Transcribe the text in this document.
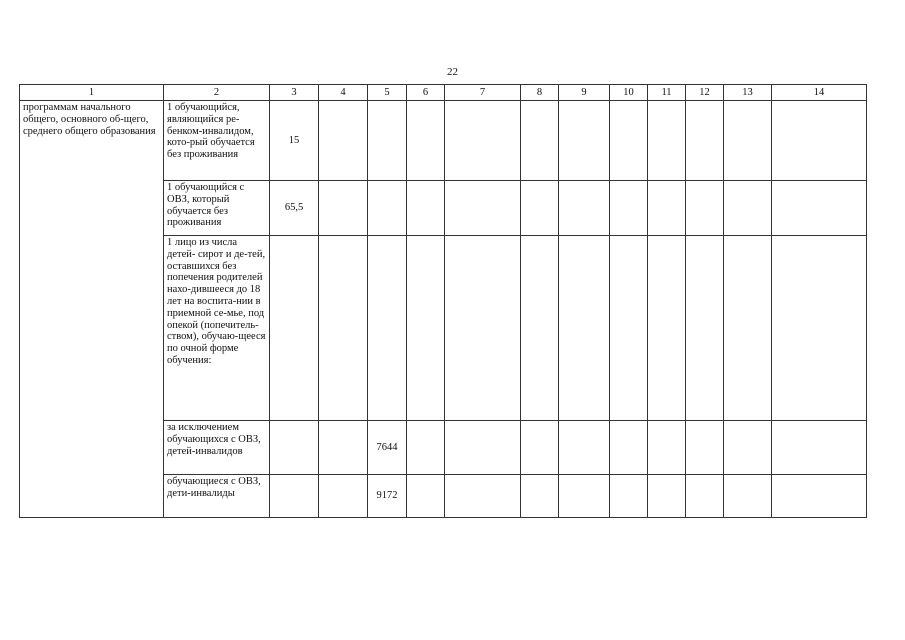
22
1	2	3	4	5	6	7	8	9	10	11	12	13	14

программам начального общего, основного об-щего, среднего общего образования	1 обучающийся, являющийся ре-бенком-инвалидом, кото-рый обучается без проживания	15											

	1 обучающийся с ОВЗ, который обучается без проживания	65,5											

	1 лицо из числа детей- сирот и де-тей, оставшихся без попечения родителей нахо-дившееся до 18 лет на воспита-нии в приемной се-мье, под опекой (попечитель-ством), обучаю-щееся по очной форме обучения:												

	за исключением обучающихся с ОВЗ, детей-инвалидов			7644									

	обучающиеся с ОВЗ, дети-инвалиды			9172									
